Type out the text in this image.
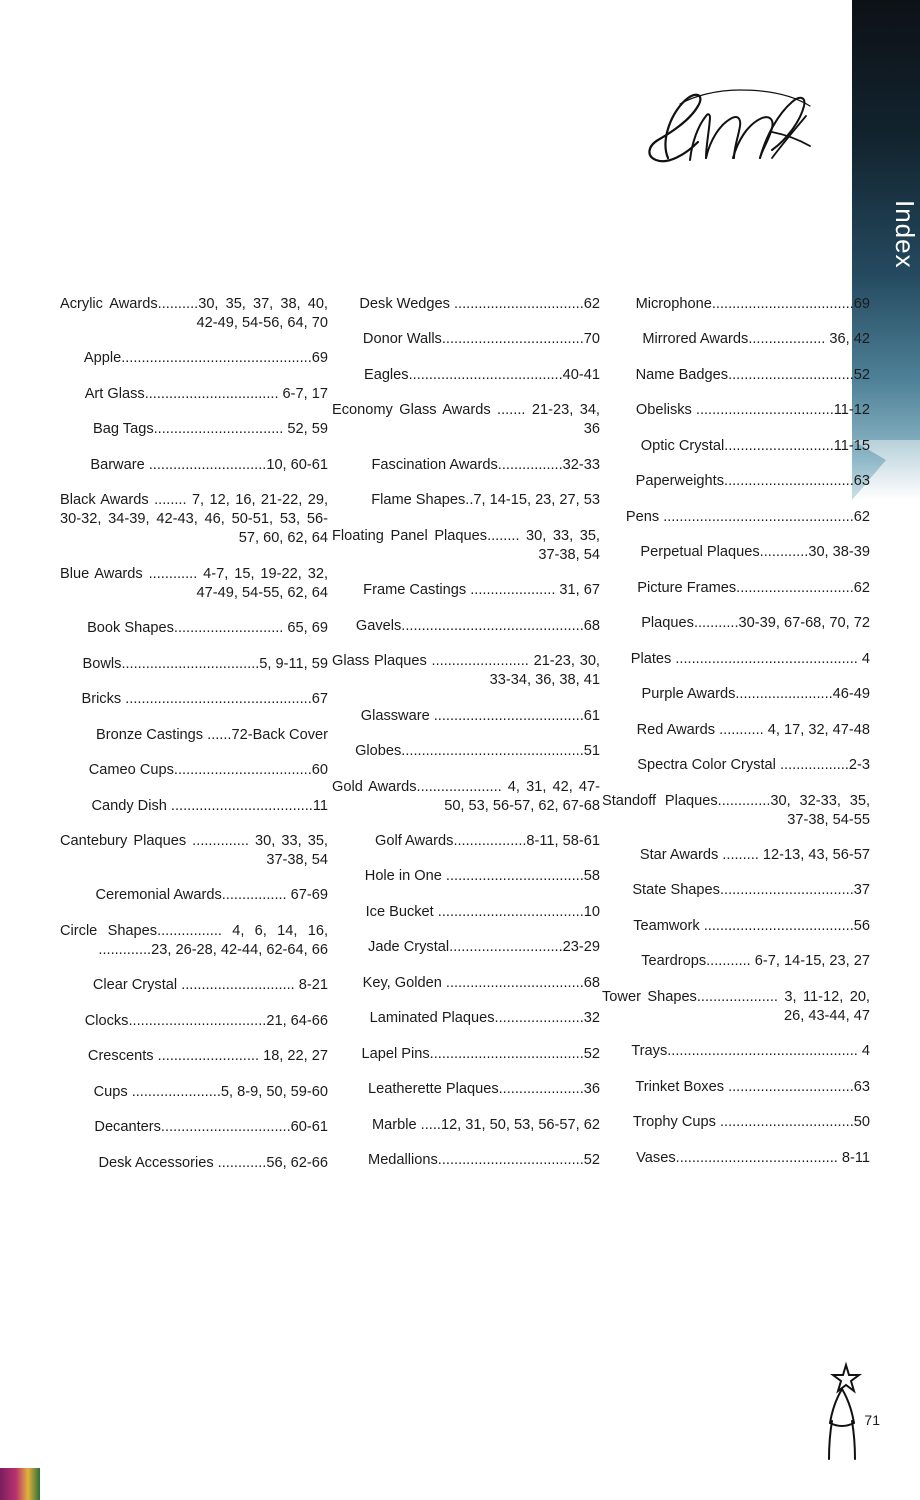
Index
Acrylic Awards..........30, 35, 37, 38, 40, 42-49, 54-56, 64, 70
Apple...............................................69
Art Glass................................. 6-7, 17
Bag Tags................................ 52, 59
Barware .............................10, 60-61
Black Awards ........ 7, 12, 16, 21-22, 29, 30-32, 34-39, 42-43, 46, 50-51, 53, 56-57, 60, 62, 64
Blue Awards ............ 4-7, 15, 19-22, 32, 47-49, 54-55, 62, 64
Book Shapes........................... 65, 69
Bowls..................................5, 9-11, 59
Bricks ..............................................67
Bronze Castings ......72-Back Cover
Cameo Cups..................................60
Candy Dish ...................................11
Cantebury Plaques .............. 30, 33, 35, 37-38, 54
Ceremonial Awards................ 67-69
Circle Shapes................ 4, 6, 14, 16, .............23, 26-28, 42-44, 62-64, 66
Clear Crystal ............................ 8-21
Clocks..................................21, 64-66
Crescents ......................... 18, 22, 27
Cups ......................5, 8-9, 50, 59-60
Decanters................................60-61
Desk Accessories ............56, 62-66
Desk Wedges ................................62
Donor Walls...................................70
Eagles......................................40-41
Economy Glass Awards ....... 21-23, 34, 36
Fascination Awards................32-33
Flame Shapes..7, 14-15, 23, 27, 53
Floating Panel Plaques........ 30, 33, 35, 37-38, 54
Frame Castings ..................... 31, 67
Gavels.............................................68
Glass Plaques ........................ 21-23, 30, 33-34, 36, 38, 41
Glassware .....................................61
Globes.............................................51
Gold Awards..................... 4, 31, 42, 47-50, 53, 56-57, 62, 67-68
Golf Awards..................8-11, 58-61
Hole in One ..................................58
Ice Bucket ....................................10
Jade Crystal............................23-29
Key, Golden ..................................68
Laminated Plaques......................32
Lapel Pins......................................52
Leatherette Plaques.....................36
Marble .....12, 31, 50, 53, 56-57, 62
Medallions....................................52
Microphone...................................69
Mirrored Awards................... 36, 42
Name Badges...............................52
Obelisks ..................................11-12
Optic Crystal...........................11-15
Paperweights................................63
Pens ...............................................62
Perpetual Plaques............30, 38-39
Picture Frames.............................62
Plaques...........30-39, 67-68, 70, 72
Plates ............................................. 4
Purple Awards........................46-49
Red Awards ........... 4, 17, 32, 47-48
Spectra Color Crystal .................2-3
Standoff Plaques.............30, 32-33, 35, 37-38, 54-55
Star Awards ......... 12-13, 43, 56-57
State Shapes.................................37
Teamwork .....................................56
Teardrops........... 6-7, 14-15, 23, 27
Tower Shapes.................... 3, 11-12, 20, 26, 43-44, 47
Trays............................................... 4
Trinket Boxes ...............................63
Trophy Cups .................................50
Vases........................................ 8-11
71
